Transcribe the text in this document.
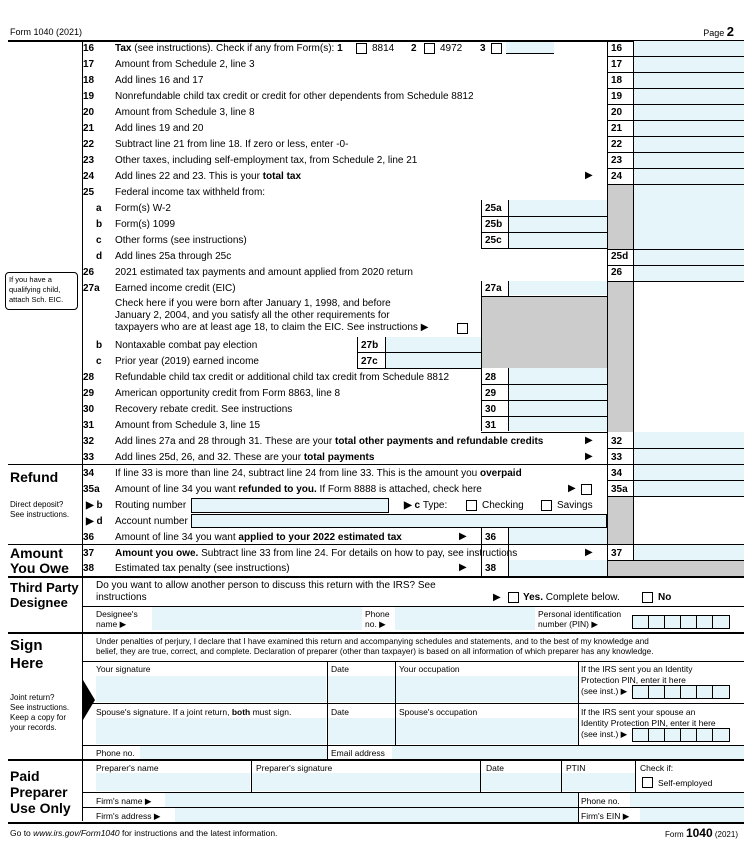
Form 1040 (2021)	Page 2
16 Tax (see instructions). Check if any from Form(s): 1	8814 2 4972 3	16
17 Amount from Schedule 2, line 3	17
18 Add lines 16 and 17	18
19 Nonrefundable child tax credit or credit for other dependents from Schedule 8812	19
20 Amount from Schedule 3, line 8	20
21 Add lines 19 and 20	21
22 Subtract line 21 from line 18. If zero or less, enter -0-	22
23 Other taxes, including self-employment tax, from Schedule 2, line 21	23
24 Add lines 22 and 23. This is your total tax	▶	24
25 Federal income tax withheld from:
a Form(s) W-2	25a
b Form(s) 1099	25b
c Other forms (see instructions)	25c
d Add lines 25a through 25c	25d
26 2021 estimated tax payments and amount applied from 2020 return	26
If you have a
qualifying child,
attach Sch. EIC.
27a Earned income credit (EIC)	27a
Check here if you were born after January 1, 1998, and before
January 2, 2004, and you satisfy all the other requirements for
taxpayers who are at least age 18, to claim the EIC. See instructions ▶
b Nontaxable combat pay election	27b
c Prior year (2019) earned income	27c
28 Refundable child tax credit or additional child tax credit from Schedule 8812	28
29 American opportunity credit from Form 8863, line 8	29
30 Recovery rebate credit. See instructions	30
31 Amount from Schedule 3, line 15	31
32 Add lines 27a and 28 through 31. These are your total other payments and refundable credits	▶	32
33 Add lines 25d, 26, and 32. These are your total payments	▶	33
Refund
Direct deposit?
See instructions.
34 If line 33 is more than line 24, subtract line 24 from line 33. This is the amount you overpaid	34
35a Amount of line 34 you want refunded to you. If Form 8888 is attached, check here	▶	35a
▶ b Routing number	▶ c Type:	Checking	Savings
▶ d Account number
36 Amount of line 34 you want applied to your 2022 estimated tax	▶	36
Amount
You Owe
37 Amount you owe. Subtract line 33 from line 24. For details on how to pay, see instructions	▶	37
38 Estimated tax penalty (see instructions)	▶	38
Third Party
Designee
Do you want to allow another person to discuss this return with the IRS? See
instructions	▶ Yes. Complete below.	No
Designee's
name ▶
Phone
no. ▶
Personal identification
number (PIN) ▶
Sign
Here
Under penalties of perjury, I declare that I have examined this return and accompanying schedules and statements, and to the best of my knowledge and
belief, they are true, correct, and complete. Declaration of preparer (other than taxpayer) is based on all information of which preparer has any knowledge.
Your signature	Date	Your occupation	If the IRS sent you an Identity
Protection PIN, enter it here
(see inst.) ▶
Spouse's signature. If a joint return, both must sign.	Date	Spouse's occupation	If the IRS sent your spouse an
Identity Protection PIN, enter it here
(see inst.) ▶
Phone no.	Email address
Joint return?
See instructions.
Keep a copy for
your records.
Paid
Preparer
Use Only
Preparer's name	Preparer's signature	Date	PTIN	Check if:
Self-employed
Firm's name ▶	Phone no.
Firm's address ▶	Firm's EIN ▶
Go to www.irs.gov/Form1040 for instructions and the latest information.	Form 1040 (2021)
